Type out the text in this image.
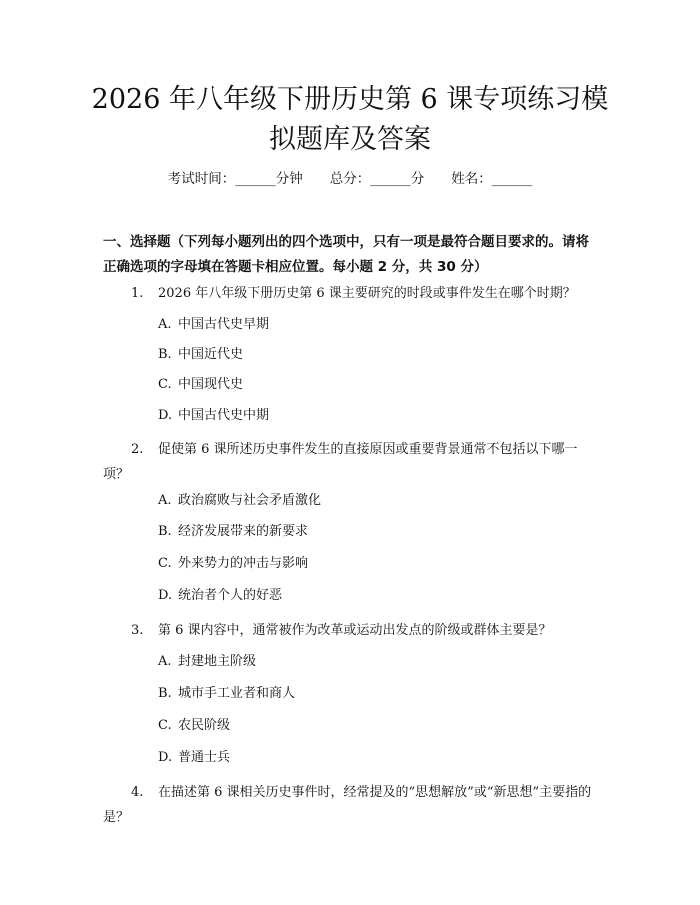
2026 年八年级下册历史第 6 课专项练习模拟题库及答案
考试时间：______分钟　　总分：______分　　姓名：______

一、选择题（下列每小题列出的四个选项中，只有一项是最符合题目要求的。请将正确选项的字母填在答题卡相应位置。每小题 2 分，共 30 分）

1. 2026 年八年级下册历史第 6 课主要研究的时段或事件发生在哪个时期？

A. 中国古代史早期
B. 中国近代史
C. 中国现代史
D. 中国古代史中期

2. 促使第 6 课所述历史事件发生的直接原因或重要背景通常不包括以下哪一项？

A. 政治腐败与社会矛盾激化
B. 经济发展带来的新要求
C. 外来势力的冲击与影响
D. 统治者个人的好恶

3. 第 6 课内容中，通常被作为改革或运动出发点的阶级或群体主要是？

A. 封建地主阶级
B. 城市手工业者和商人
C. 农民阶级
D. 普通士兵

4. 在描述第 6 课相关历史事件时，经常提及的“思想解放”或“新思想”主要指的是？
